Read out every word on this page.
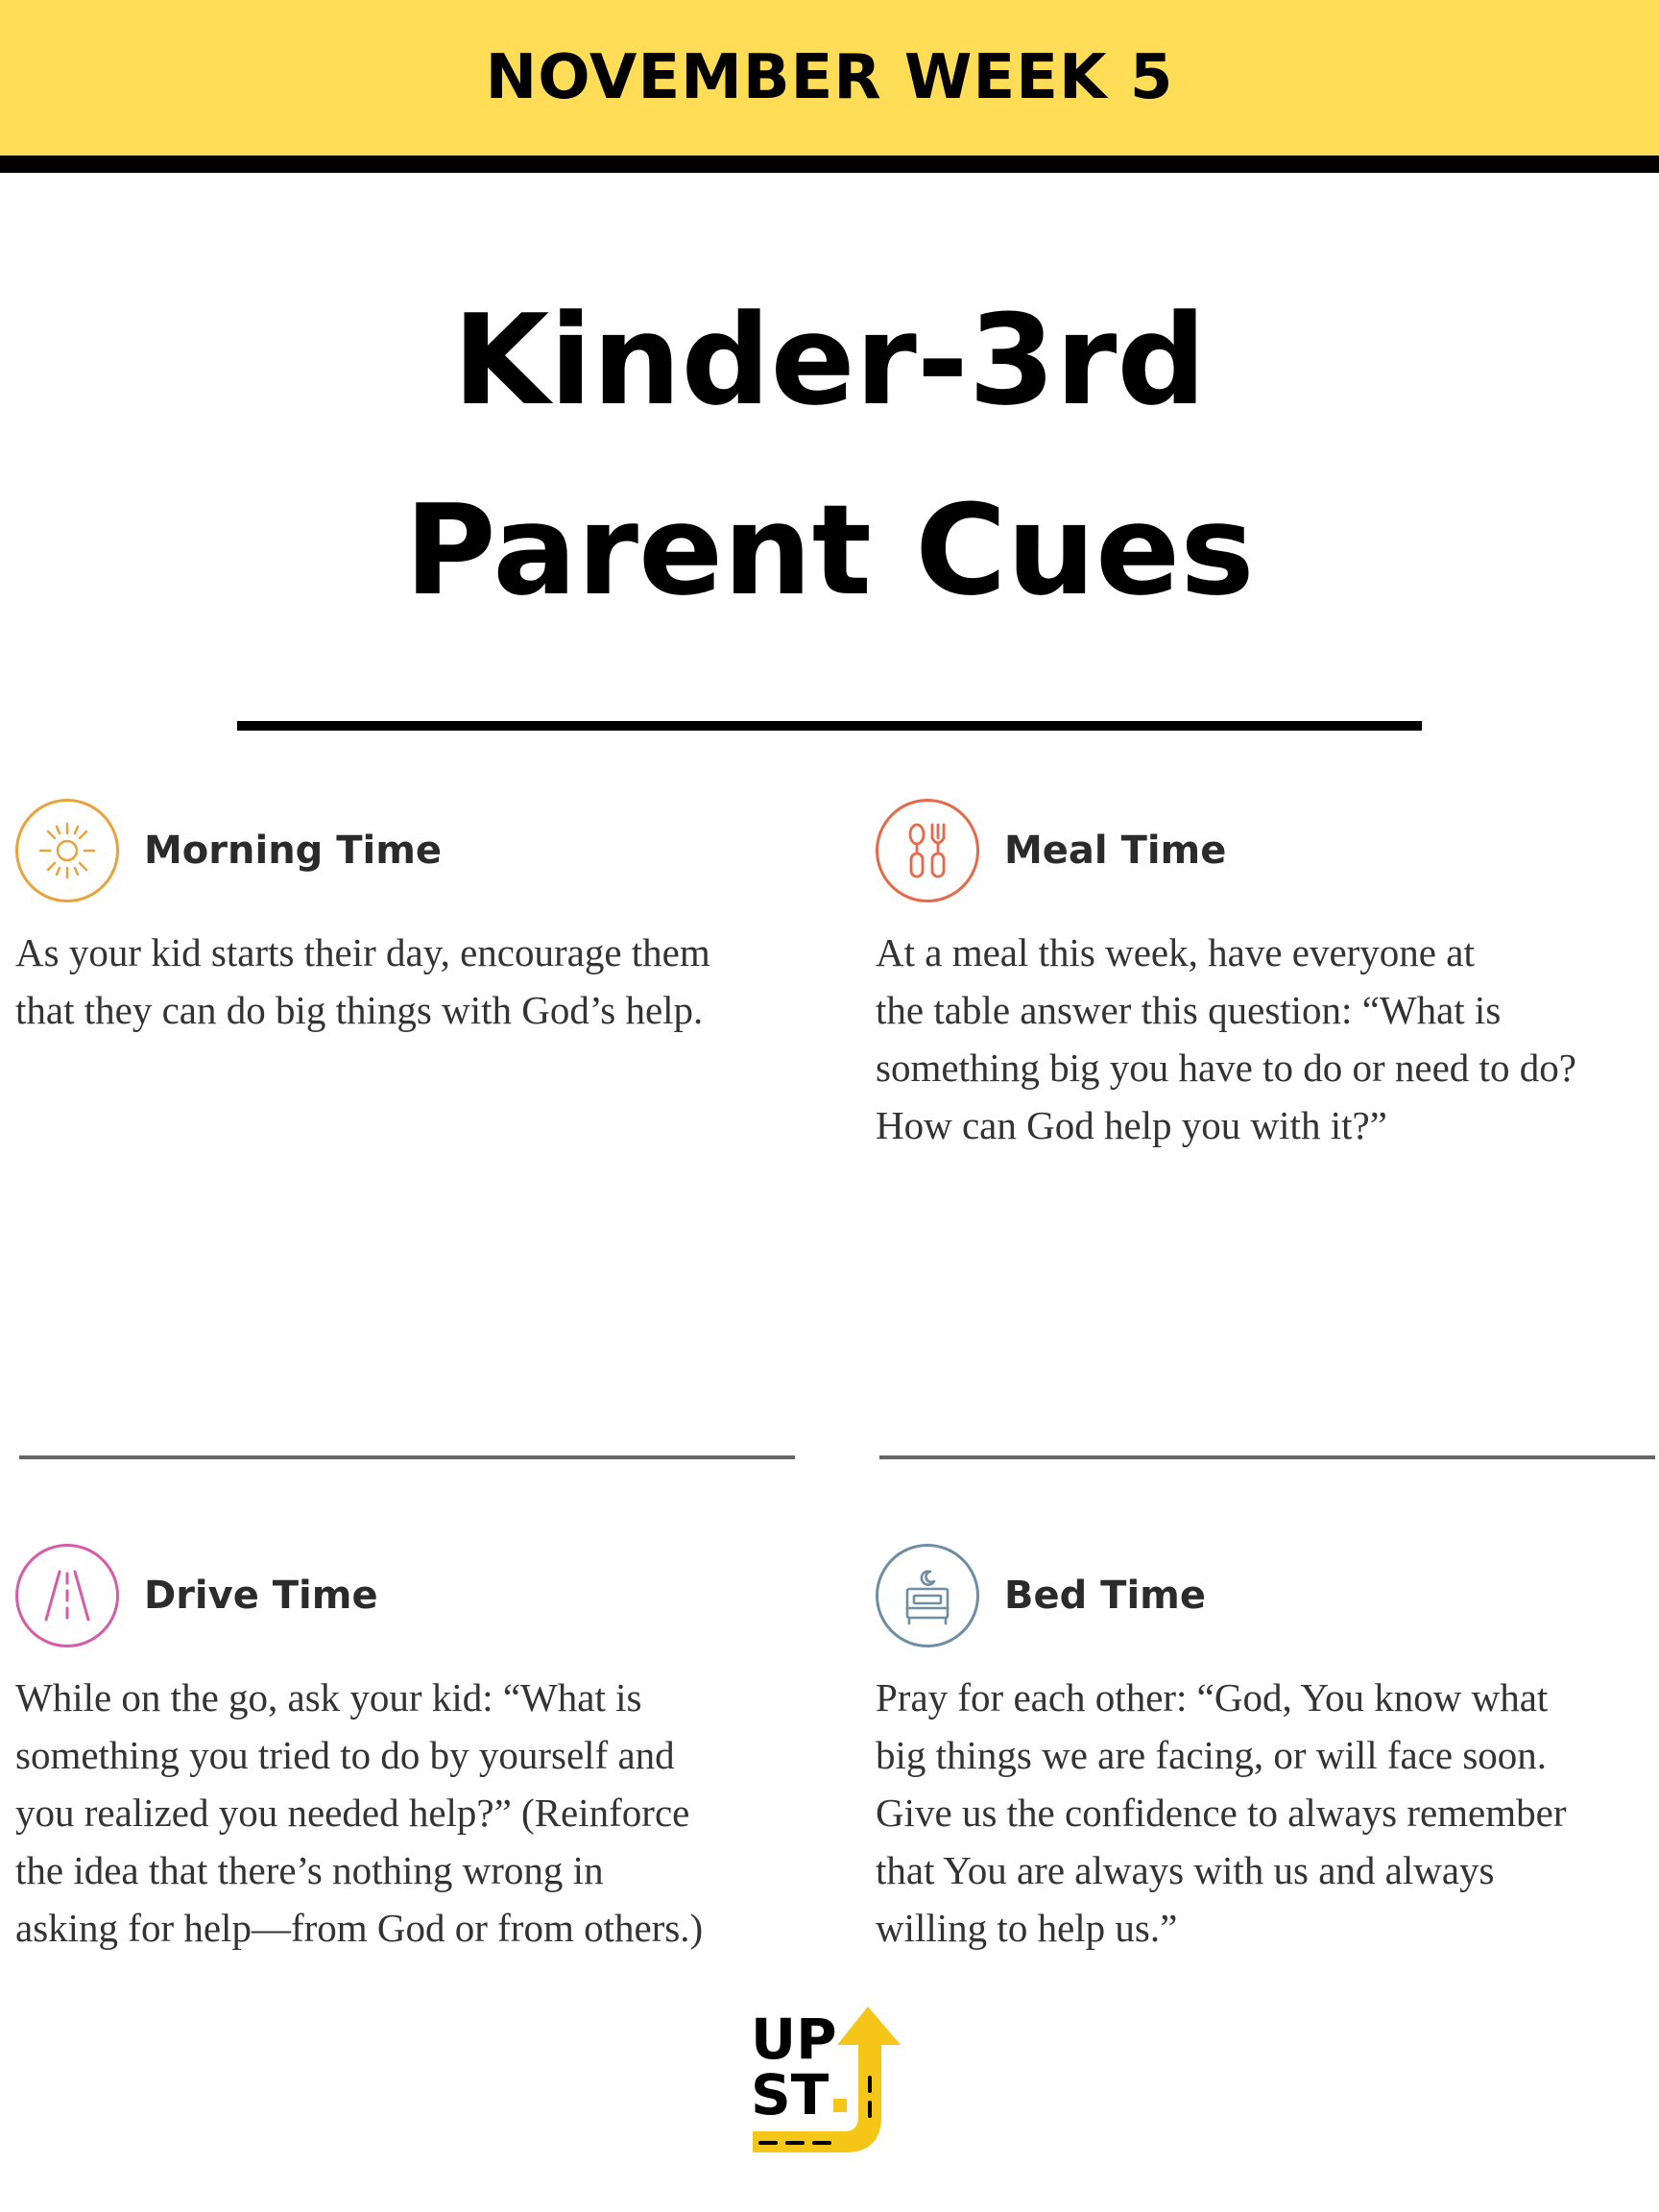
NOVEMBER WEEK 5
Kinder-3rd
Parent Cues
Morning Time
As your kid starts their day, encourage them
that they can do big things with God’s help.
Meal Time
At a meal this week, have everyone at
the table answer this question: “What is
something big you have to do or need to do?
How can God help you with it?”
Drive Time
While on the go, ask your kid: “What is
something you tried to do by yourself and
you realized you needed help?” (Reinforce
the idea that there’s nothing wrong in
asking for help—from God or from others.)
Bed Time
Pray for each other: “God, You know what
big things we are facing, or will face soon.
Give us the confidence to always remember
that You are always with us and always
willing to help us.”
UP
ST
